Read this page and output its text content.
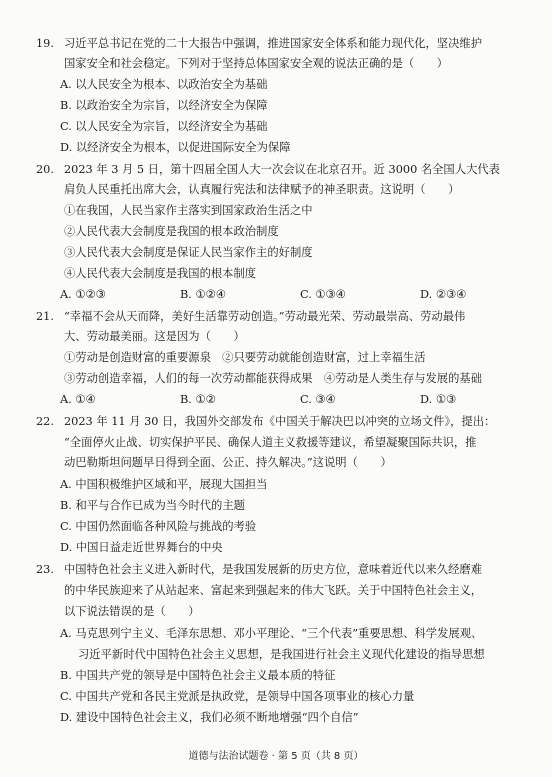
19. 习近平总书记在党的二十大报告中强调，推进国家安全体系和能力现代化，坚决维护
国家安全和社会稳定。下列对于坚持总体国家安全观的说法正确的是（　　）
A. 以人民安全为根本、以政治安全为基础
B. 以政治安全为宗旨，以经济安全为保障
C. 以人民安全为宗旨，以经济安全为基础
D. 以经济安全为根本，以促进国际安全为保障
20. 2023 年 3 月 5 日，第十四届全国人大一次会议在北京召开。近 3000 名全国人大代表
肩负人民重托出席大会，认真履行宪法和法律赋予的神圣职责。这说明（　　）
①在我国，人民当家作主落实到国家政治生活之中
②人民代表大会制度是我国的根本政治制度
③人民代表大会制度是保证人民当家作主的好制度
④人民代表大会制度是我国的根本制度
A. ①②③	B. ①②④	C. ①③④	D. ②③④
21. “幸福不会从天而降，美好生活靠劳动创造。”劳动最光荣、劳动最崇高、劳动最伟
大、劳动最美丽。这是因为（　　）
①劳动是创造财富的重要源泉　②只要劳动就能创造财富，过上幸福生活
③劳动创造幸福，人们的每一次劳动都能获得成果　④劳动是人类生存与发展的基础
A. ①④	B. ①②	C. ③④	D. ①③
22. 2023 年 11 月 30 日，我国外交部发布《中国关于解决巴以冲突的立场文件》，提出：
“全面停火止战、切实保护平民、确保人道主义救援等建议，希望凝聚国际共识，推
动巴勒斯坦问题早日得到全面、公正、持久解决。”这说明（　　）
A. 中国积极维护区域和平，展现大国担当
B. 和平与合作已成为当今时代的主题
C. 中国仍然面临各种风险与挑战的考验
D. 中国日益走近世界舞台的中央
23. 中国特色社会主义进入新时代，是我国发展新的历史方位，意味着近代以来久经磨难
的中华民族迎来了从站起来、富起来到强起来的伟大飞跃。关于中国特色社会主义，
以下说法错误的是（　　）
A. 马克思列宁主义、毛泽东思想、邓小平理论、“三个代表”重要思想、科学发展观、
习近平新时代中国特色社会主义思想，是我国进行社会主义现代化建设的指导思想
B. 中国共产党的领导是中国特色社会主义最本质的特征
C. 中国共产党和各民主党派是执政党，是领导中国各项事业的核心力量
D. 建设中国特色社会主义，我们必须不断地增强“四个自信”
道德与法治试题卷 · 第 5 页（共 8 页）
